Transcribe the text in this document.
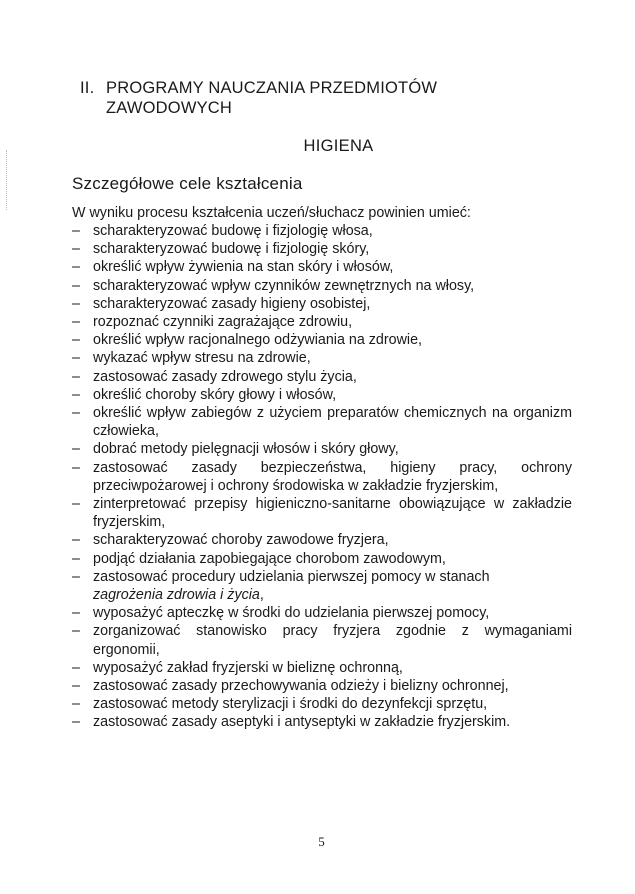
II. PROGRAMY NAUCZANIA PRZEDMIOTÓW
ZAWODOWYCH
HIGIENA
Szczegółowe cele kształcenia
W wyniku procesu kształcenia uczeń/słuchacz powinien umieć:
– scharakteryzować budowę i fizjologię włosa,
– scharakteryzować budowę i fizjologię skóry,
– określić wpływ żywienia na stan skóry i włosów,
– scharakteryzować wpływ czynników zewnętrznych na włosy,
– scharakteryzować zasady higieny osobistej,
– rozpoznać czynniki zagrażające zdrowiu,
– określić wpływ racjonalnego odżywiania na zdrowie,
– wykazać wpływ stresu na zdrowie,
– zastosować zasady zdrowego stylu życia,
– określić choroby skóry głowy i włosów,
– określić wpływ zabiegów z użyciem preparatów chemicznych na organizm człowieka,
– dobrać metody pielęgnacji włosów i skóry głowy,
– zastosować zasady bezpieczeństwa, higieny pracy, ochrony przeciwpożarowej i ochrony środowiska w zakładzie fryzjerskim,
– zinterpretować przepisy higieniczno-sanitarne obowiązujące w zakładzie fryzjerskim,
– scharakteryzować choroby zawodowe fryzjera,
– podjąć działania zapobiegające chorobom zawodowym,
– zastosować procedury udzielania pierwszej pomocy w stanach
zagrożenia zdrowia i życia,
– wyposażyć apteczkę w środki do udzielania pierwszej pomocy,
– zorganizować stanowisko pracy fryzjera zgodnie z wymaganiami ergonomii,
– wyposażyć zakład fryzjerski w bieliznę ochronną,
– zastosować zasady przechowywania odzieży i bielizny ochronnej,
– zastosować metody sterylizacji i środki do dezynfekcji sprzętu,
– zastosować zasady aseptyki i antyseptyki w zakładzie fryzjerskim.
5
